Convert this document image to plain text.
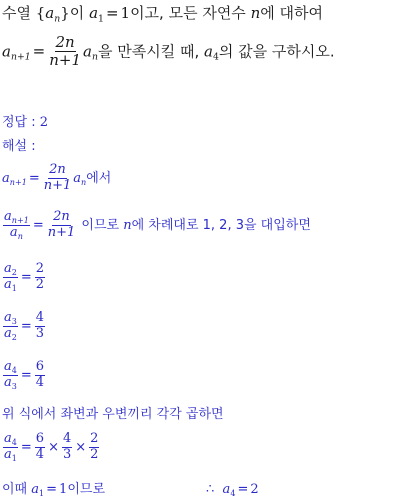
수열 $\{a_n\}$이 $a_1 = 1$이고, 모든 자연수 n에 대하여
$a_{n+1} = \frac{2n}{n+1} a_n$을 만족시킬 때, $a_4$의 값을 구하시오.
정답 : 2
해설 :
$a_{n+1} = \frac{2n}{n+1} a_n$에서
$\frac{a_{n+1}}{a_n} = \frac{2n}{n+1}$ 이므로 n에 차례대로 1, 2, 3을 대입하면
$\frac{a_2}{a_1} = \frac{2}{2}$
$\frac{a_3}{a_2} = \frac{4}{3}$
$\frac{a_4}{a_3} = \frac{6}{4}$
위 식에서 좌변과 우변끼리 각각 곱하면
$\frac{a_4}{a_1} = \frac{6}{4} \times \frac{4}{3} \times \frac{2}{2}$
이때 $a_1 = 1$이므로	∴ $a_4 = 2$
